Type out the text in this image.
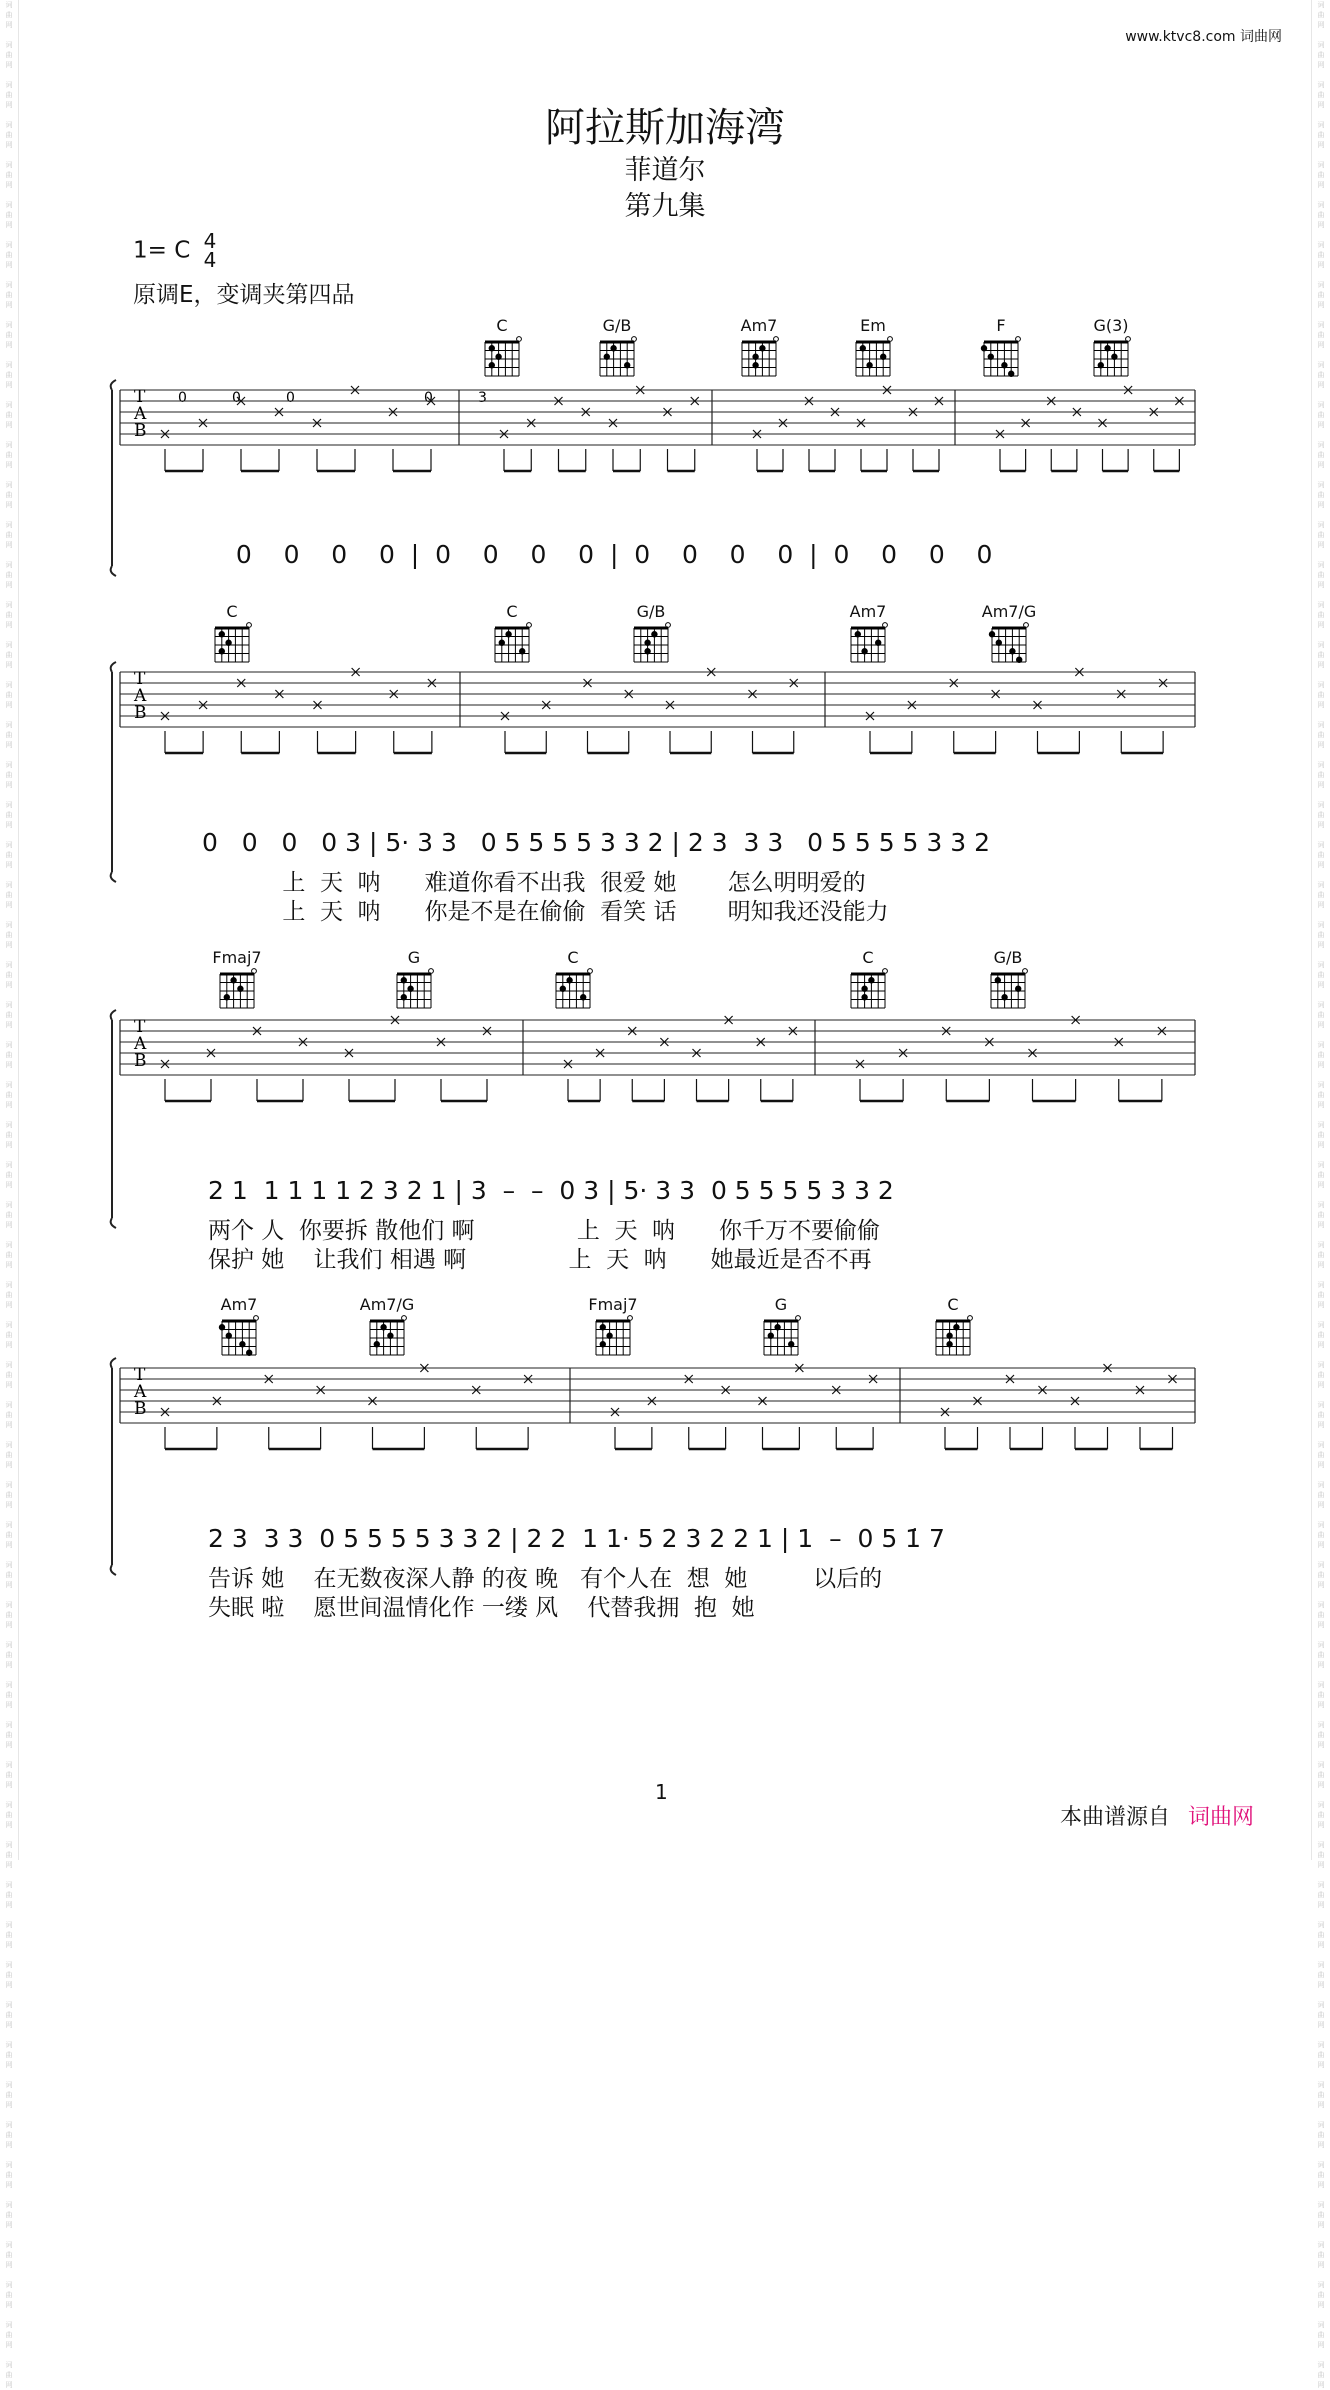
词
曲
网

词
曲
网

词
曲
网

词
曲
网

词
曲
网

词
曲
网

词
曲
网

词
曲
网

词
曲
网

词
曲
网

词
曲
网

词
曲
网

词
曲
网

词
曲
网

词
曲
网

词
曲
网

词
曲
网

词
曲
网

词
曲
网

词
曲
网

词
曲
网

词
曲
网

词
曲
网

词
曲
网

词
曲
网

词
曲
网

词
曲
网

词
曲
网

词
曲
网

词
曲
网

词
曲
网

词
曲
网

词
曲
网

词
曲
网

词
曲
网

词
曲
网

词
曲
网

词
曲
网

词
曲
网

词
曲
网

词
曲
网

词
曲
网

词
曲
网

词
曲
网

词
曲
网

词
曲
网

词
曲
网

词
曲
网

词
曲
网

词
曲
网

词
曲
网

词
曲
网

词
曲
网

词
曲
网

词
曲
网

词
曲
网

词
曲
网

词
曲
网

词
曲
网

词
曲
网

词
曲
网

词
曲
网

词
曲
网

词
曲
网

词
曲
网

词
曲
网

词
曲
网

词
曲
网

词
曲
网

词
曲
网

词
曲
网

词
曲
网

词
曲
网

词
曲
网

词
曲
网

词
曲
网

词
曲
网

词
曲
网

词
曲
网

词
曲
网

词
曲
网

词
曲
网

词
曲
网

词
曲
网

词
曲
网

词
曲
网

词
曲
网

词
曲
网

词
曲
网

词
曲
网

词
曲
网

词
曲
网

词
曲
网

词
曲
网

词
曲
网

词
曲
网

词
曲
网

词
曲
网

词
曲
网

词
曲
网

词
曲
网

词
曲
网

词
曲
网

词
曲
网

词
曲
网

词
曲
网

词
曲
网

词
曲
网

词
曲
网

词
曲
网

词
曲
网

词
曲
网

词
曲
网

词
曲
网

词
曲
网

词
曲
网

词
曲
网

词
曲
网

词
曲
网

词
曲
网

www.ktvc8.com 词曲网
阿拉斯加海湾
菲道尔
第九集
1= C 4
4
原调E，变调夹第四品
C	G/B	Am7	Em	F	G(3)
0	0	0	0	3
T
A
B
0    0    0    0  |  0    0    0    0  |  0    0    0    0  |  0    0    0    0
C	C	G/B	Am7	Am7/G
T
A
B
0   0   0   0 3 | 5· 3 3   0 5 5 5 5 3 3 2 | 2 3  3 3   0 5 5 5 5 3 3 2
上  天  呐      难道你看不出我  很爱 她       怎么明明爱的
上  天  呐      你是不是在偷偷  看笑 话       明知我还没能力
Fmaj7	G	C	C	G/B
T
A
B
2 1  1 1 1 1 2 3 2 1 | 3  –  –  0 3 | 5· 3 3  0 5 5 5 5 3 3 2
两个 人  你要拆 散他们 啊              上  天  呐      你千万不要偷偷
保护 她    让我们 相遇 啊              上  天  呐      她最近是否不再
Am7	Am7/G	Fmaj7	G	C
T
A
B
2 3  3 3  0 5 5 5 5 3 3 2 | 2 2  1 1· 5 2 3 2 2 1 | 1  –  0 5 1̇ 7
告诉 她    在无数夜深人静 的夜 晚   有个人在  想  她         以后的
失眠 啦    愿世间温情化作 一缕 风    代替我拥  抱  她
1
本曲谱源自 词曲网
